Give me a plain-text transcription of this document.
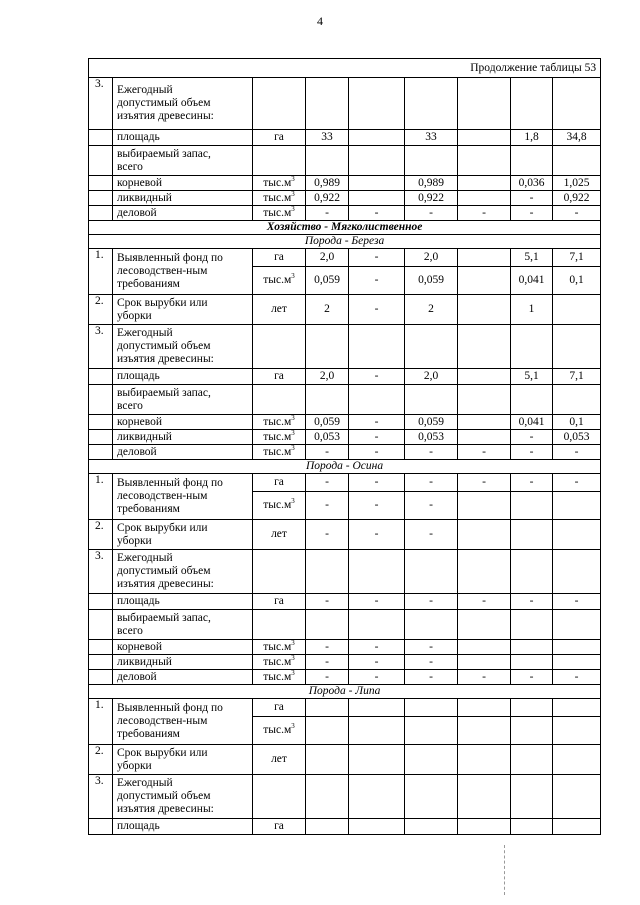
4
Продолжение таблицы 53								
3.	Ежегодный
допустимый объем
изъятия древесины:							
	площадь	га	33		33		1,8	34,8
	выбираемый запас,
всего							
	корневой	$тыс.м^3$	0,989		0,989		0,036	1,025
	ликвидный	$тыс.м^3$	0,922		0,922		-	0,922
	деловой	$тыс.м^3$	-	-	-	-	-	-
Хозяйство - Мягколиственное								
Порода - Береза								
1.	Выявленный фонд по
лесоводствен-ным
требованиям	га	2,0	-	2,0		5,1	7,1
		$тыс.м^3$	0,059	-	0,059		0,041	0,1
2.	Срок вырубки или
уборки	лет	2	-	2		1	
3.	Ежегодный
допустимый объем
изъятия древесины:							
	площадь	га	2,0	-	2,0		5,1	7,1
	выбираемый запас,
всего							
	корневой	$тыс.м^3$	0,059	-	0,059		0,041	0,1
	ликвидный	$тыс.м^3$	0,053	-	0,053		-	0,053
	деловой	$тыс.м^3$	-	-	-	-	-	-
Порода - Осина								
1.	Выявленный фонд по
лесоводствен-ным
требованиям	га	-	-	-	-	-	-
		$тыс.м^3$	-	-	-			
2.	Срок вырубки или
уборки	лет	-	-	-			
3.	Ежегодный
допустимый объем
изъятия древесины:							
	площадь	га	-	-	-	-	-	-
	выбираемый запас,
всего							
	корневой	$тыс.м^3$	-	-	-			
	ликвидный	$тыс.м^3$	-	-	-			
	деловой	$тыс.м^3$	-	-	-	-	-	-
Порода - Липа								
1.	Выявленный фонд по
лесоводствен-ным
требованиям	га						
		$тыс.м^3$						
2.	Срок вырубки или
уборки	лет						
3.	Ежегодный
допустимый объем
изъятия древесины:							
	площадь	га						
